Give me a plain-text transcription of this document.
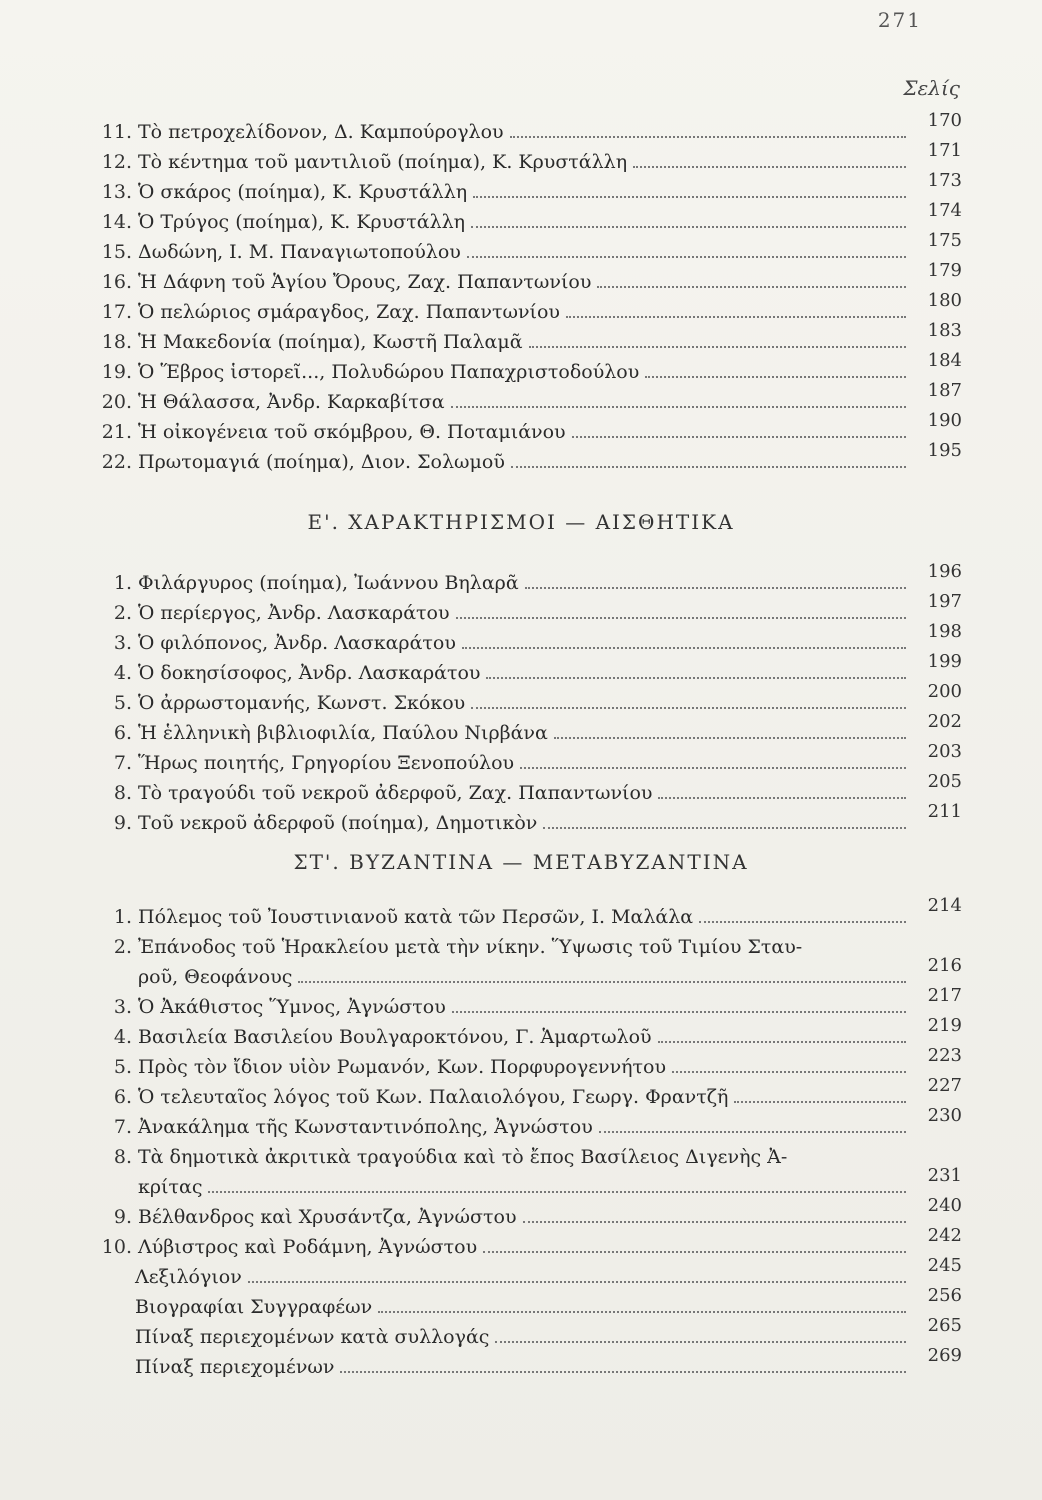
271
Σελίς
11. Τὸ πετροχελίδονον, Δ. Καμπούρογλου
170
12. Τὸ κέντημα τοῦ μαντιλιοῦ (ποίημα), Κ. Κρυστάλλη
171
13. Ὁ σκάρος (ποίημα), Κ. Κρυστάλλη
173
14. Ὁ Τρύγος (ποίημα), Κ. Κρυστάλλη
174
15. Δωδώνη, Ι. Μ. Παναγιωτοπούλου
175
16. Ἡ Δάφνη τοῦ Ἁγίου Ὄρους, Ζαχ. Παπαντωνίου
179
17. Ὁ πελώριος σμάραγδος, Ζαχ. Παπαντωνίου
180
18. Ἡ Μακεδονία (ποίημα), Κωστῆ Παλαμᾶ
183
19. Ὁ Ἕβρος ἱστορεῖ..., Πολυδώρου Παπαχριστοδούλου
184
20. Ἡ Θάλασσα, Ἀνδρ. Καρκαβίτσα
187
21. Ἡ οἰκογένεια τοῦ σκόμβρου, Θ. Ποταμιάνου
190
22. Πρωτομαγιά (ποίημα), Διον. Σολωμοῦ
195
Ε'. ΧΑΡΑΚΤΗΡΙΣΜΟΙ — ΑΙΣΘΗΤΙΚΑ
1. Φιλάργυρος (ποίημα), Ἰωάννου Βηλαρᾶ
196
2. Ὁ περίεργος, Ἀνδρ. Λασκαράτου
197
3. Ὁ φιλόπονος, Ἀνδρ. Λασκαράτου
198
4. Ὁ δοκησίσοφος, Ἀνδρ. Λασκαράτου
199
5. Ὁ ἀρρωστομανής, Κωνστ. Σκόκου
200
6. Ἡ ἑλληνικὴ βιβλιοφιλία, Παύλου Νιρβάνα
202
7. Ἥρως ποιητής, Γρηγορίου Ξενοπούλου
203
8. Τὸ τραγούδι τοῦ νεκροῦ ἀδερφοῦ, Ζαχ. Παπαντωνίου
205
9. Τοῦ νεκροῦ ἀδερφοῦ (ποίημα), Δημοτικὸν
211
ΣΤ'. ΒΥΖΑΝΤΙΝΑ — ΜΕΤΑΒΥΖΑΝΤΙΝΑ
1. Πόλεμος τοῦ Ἰουστινιανοῦ κατὰ τῶν Περσῶν, Ι. Μαλάλα
214
2. Ἐπάνοδος τοῦ Ἡρακλείου μετὰ τὴν νίκην. Ὕψωσις τοῦ Τιμίου Σταυ-
ροῦ, Θεοφάνους
216
3. Ὁ Ἀκάθιστος Ὕμνος, Ἀγνώστου
217
4. Βασιλεία Βασιλείου Βουλγαροκτόνου, Γ. Ἁμαρτωλοῦ
219
5. Πρὸς τὸν ἴδιον υἱὸν Ρωμανόν, Κων. Πορφυρογεννήτου
223
6. Ὁ τελευταῖος λόγος τοῦ Κων. Παλαιολόγου, Γεωργ. Φραντζῆ
227
7. Ἀνακάλημα τῆς Κωνσταντινόπολης, Ἀγνώστου
230
8. Τὰ δημοτικὰ ἀκριτικὰ τραγούδια καὶ τὸ ἔπος Βασίλειος Διγενὴς Ἀ-
κρίτας
231
9. Βέλθανδρος καὶ Χρυσάντζα, Ἀγνώστου
240
10. Λύβιστρος καὶ Ροδάμνη, Ἀγνώστου
242
Λεξιλόγιον
245
Βιογραφίαι Συγγραφέων
256
Πίναξ περιεχομένων κατὰ συλλογάς
265
Πίναξ περιεχομένων
269
